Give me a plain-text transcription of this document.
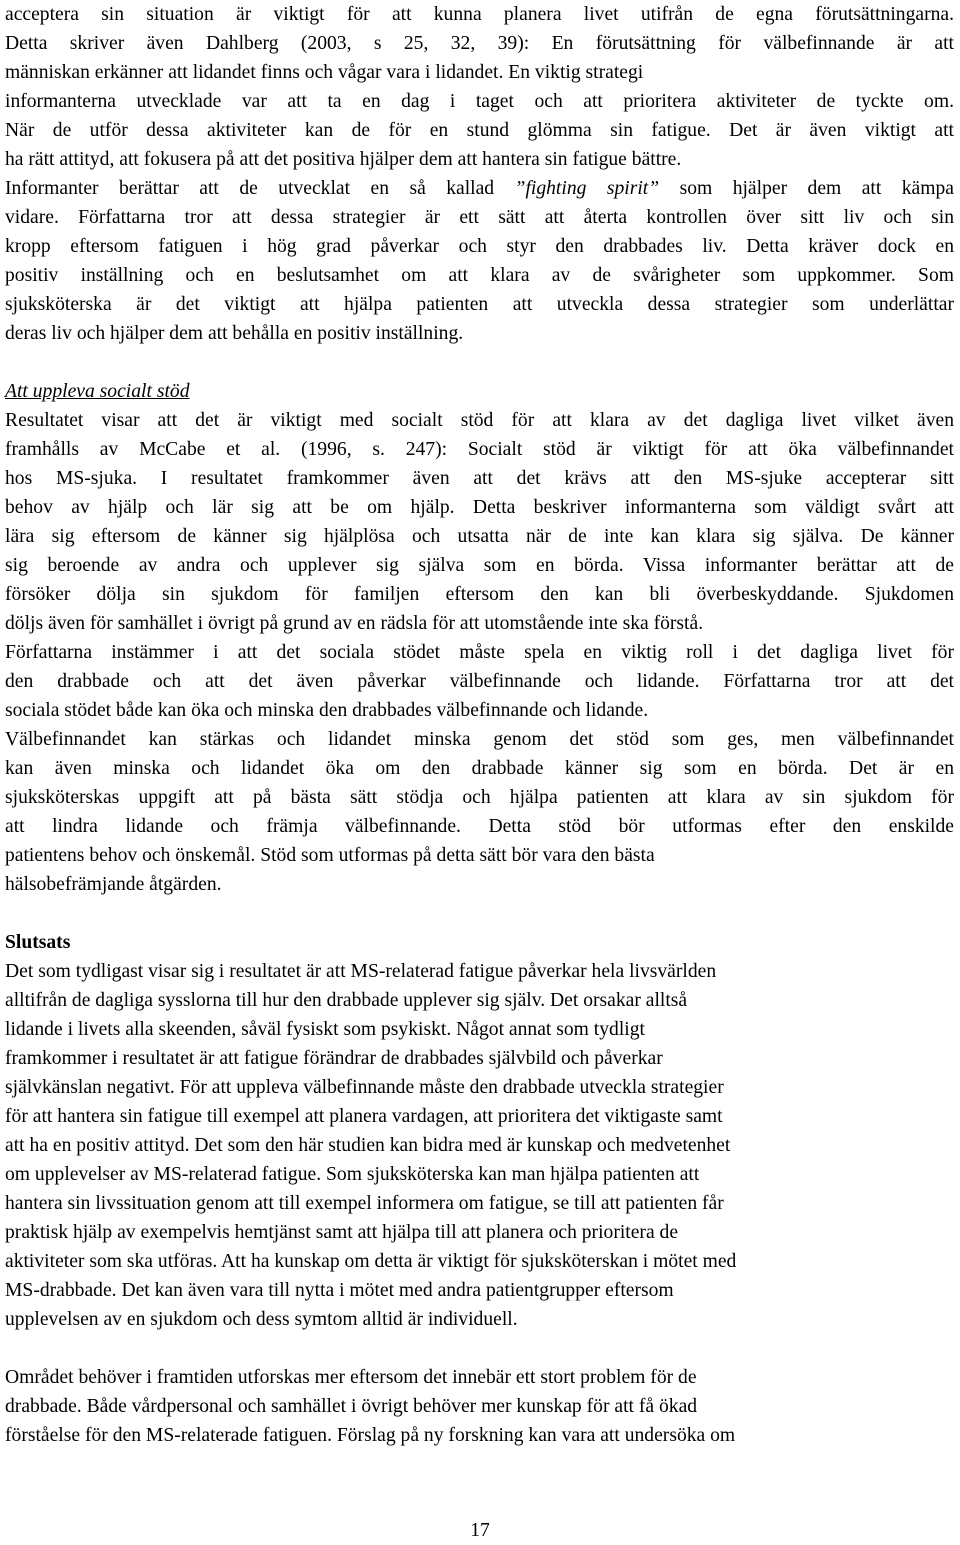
acceptera sin situation är viktigt för att kunna planera livet utifrån de egna förutsättningarna.
Detta skriver även Dahlberg (2003, s 25, 32, 39): En förutsättning för välbefinnande är att
människan erkänner att lidandet finns och vågar vara i lidandet. En viktig strategi
informanterna utvecklade var att ta en dag i taget och att prioritera aktiviteter de tyckte om.
När de utför dessa aktiviteter kan de för en stund glömma sin fatigue. Det är även viktigt att
ha rätt attityd, att fokusera på att det positiva hjälper dem att hantera sin fatigue bättre.
Informanter berättar att de utvecklat en så kallad ”fighting spirit” som hjälper dem att kämpa
vidare. Författarna tror att dessa strategier är ett sätt att återta kontrollen över sitt liv och sin
kropp eftersom fatiguen i hög grad påverkar och styr den drabbades liv. Detta kräver dock en
positiv inställning och en beslutsamhet om att klara av de svårigheter som uppkommer. Som
sjuksköterska är det viktigt att hjälpa patienten att utveckla dessa strategier som underlättar
deras liv och hjälper dem att behålla en positiv inställning.
Att uppleva socialt stöd
Resultatet visar att det är viktigt med socialt stöd för att klara av det dagliga livet vilket även
framhålls av McCabe et al. (1996, s. 247): Socialt stöd är viktigt för att öka välbefinnandet
hos MS-sjuka. I resultatet framkommer även att det krävs att den MS-sjuke accepterar sitt
behov av hjälp och lär sig att be om hjälp. Detta beskriver informanterna som väldigt svårt att
lära sig eftersom de känner sig hjälplösa och utsatta när de inte kan klara sig själva. De känner
sig beroende av andra och upplever sig själva som en börda. Vissa informanter berättar att de
försöker dölja sin sjukdom för familjen eftersom den kan bli överbeskyddande. Sjukdomen
döljs även för samhället i övrigt på grund av en rädsla för att utomstående inte ska förstå.
Författarna instämmer i att det sociala stödet måste spela en viktig roll i det dagliga livet för
den drabbade och att det även påverkar välbefinnande och lidande. Författarna tror att det
sociala stödet både kan öka och minska den drabbades välbefinnande och lidande.
Välbefinnandet kan stärkas och lidandet minska genom det stöd som ges, men välbefinnandet
kan även minska och lidandet öka om den drabbade känner sig som en börda. Det är en
sjuksköterskas uppgift att på bästa sätt stödja och hjälpa patienten att klara av sin sjukdom för
att lindra lidande och främja välbefinnande. Detta stöd bör utformas efter den enskilde
patientens behov och önskemål. Stöd som utformas på detta sätt bör vara den bästa
hälsobefrämjande åtgärden.
Slutsats
Det som tydligast visar sig i resultatet är att MS-relaterad fatigue påverkar hela livsvärlden
alltifrån de dagliga sysslorna till hur den drabbade upplever sig själv. Det orsakar alltså
lidande i livets alla skeenden, såväl fysiskt som psykiskt. Något annat som tydligt
framkommer i resultatet är att fatigue förändrar de drabbades självbild och påverkar
självkänslan negativt. För att uppleva välbefinnande måste den drabbade utveckla strategier
för att hantera sin fatigue till exempel att planera vardagen, att prioritera det viktigaste samt
att ha en positiv attityd. Det som den här studien kan bidra med är kunskap och medvetenhet
om upplevelser av MS-relaterad fatigue. Som sjuksköterska kan man hjälpa patienten att
hantera sin livssituation genom att till exempel informera om fatigue, se till att patienten får
praktisk hjälp av exempelvis hemtjänst samt att hjälpa till att planera och prioritera de
aktiviteter som ska utföras. Att ha kunskap om detta är viktigt för sjuksköterskan i mötet med
MS-drabbade. Det kan även vara till nytta i mötet med andra patientgrupper eftersom
upplevelsen av en sjukdom och dess symtom alltid är individuell.
Området behöver i framtiden utforskas mer eftersom det innebär ett stort problem för de
drabbade. Både vårdpersonal och samhället i övrigt behöver mer kunskap för att få ökad
förståelse för den MS-relaterade fatiguen. Förslag på ny forskning kan vara att undersöka om
17
